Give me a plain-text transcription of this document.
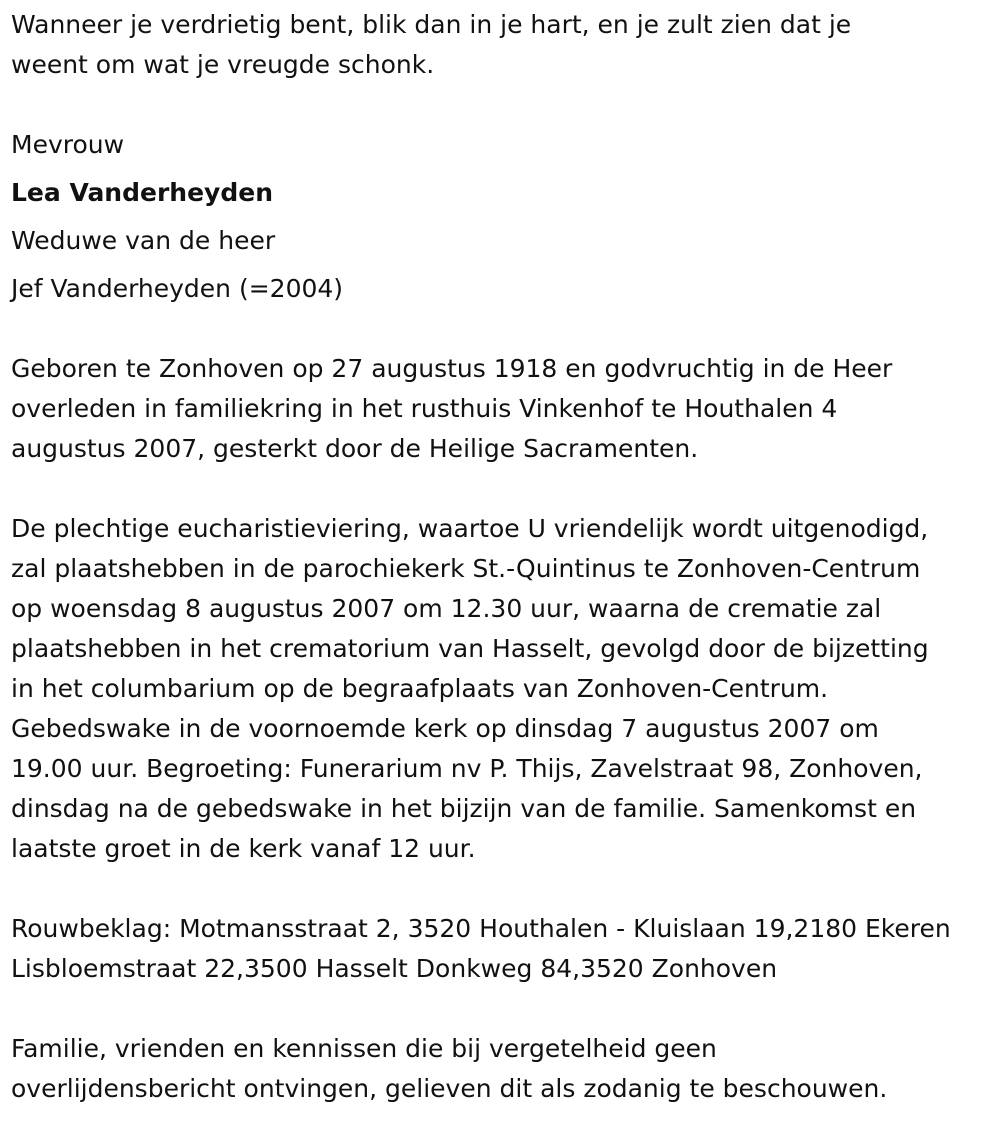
Wanneer je verdrietig bent, blik dan in je hart, en je zult zien dat je
weent om wat je vreugde schonk.

Mevrouw
Lea Vanderheyden
Weduwe van de heer
Jef Vanderheyden (=2004)

Geboren te Zonhoven op 27 augustus 1918 en godvruchtig in de Heer
overleden in familiekring in het rusthuis Vinkenhof te Houthalen 4
augustus 2007, gesterkt door de Heilige Sacramenten.

De plechtige eucharistieviering, waartoe U vriendelijk wordt uitgenodigd,
zal plaatshebben in de parochiekerk St.-Quintinus te Zonhoven-Centrum
op woensdag 8 augustus 2007 om 12.30 uur, waarna de crematie zal
plaatshebben in het crematorium van Hasselt, gevolgd door de bijzetting
in het columbarium op de begraafplaats van Zonhoven-Centrum.
Gebedswake in de voornoemde kerk op dinsdag 7 augustus 2007 om
19.00 uur. Begroeting: Funerarium nv P. Thijs, Zavelstraat 98, Zonhoven,
dinsdag na de gebedswake in het bijzijn van de familie. Samenkomst en
laatste groet in de kerk vanaf 12 uur.

Rouwbeklag: Motmansstraat 2, 3520 Houthalen - Kluislaan 19,2180 Ekeren
Lisbloemstraat 22,3500 Hasselt Donkweg 84,3520 Zonhoven

Familie, vrienden en kennissen die bij vergetelheid geen
overlijdensbericht ontvingen, gelieven dit als zodanig te beschouwen.
